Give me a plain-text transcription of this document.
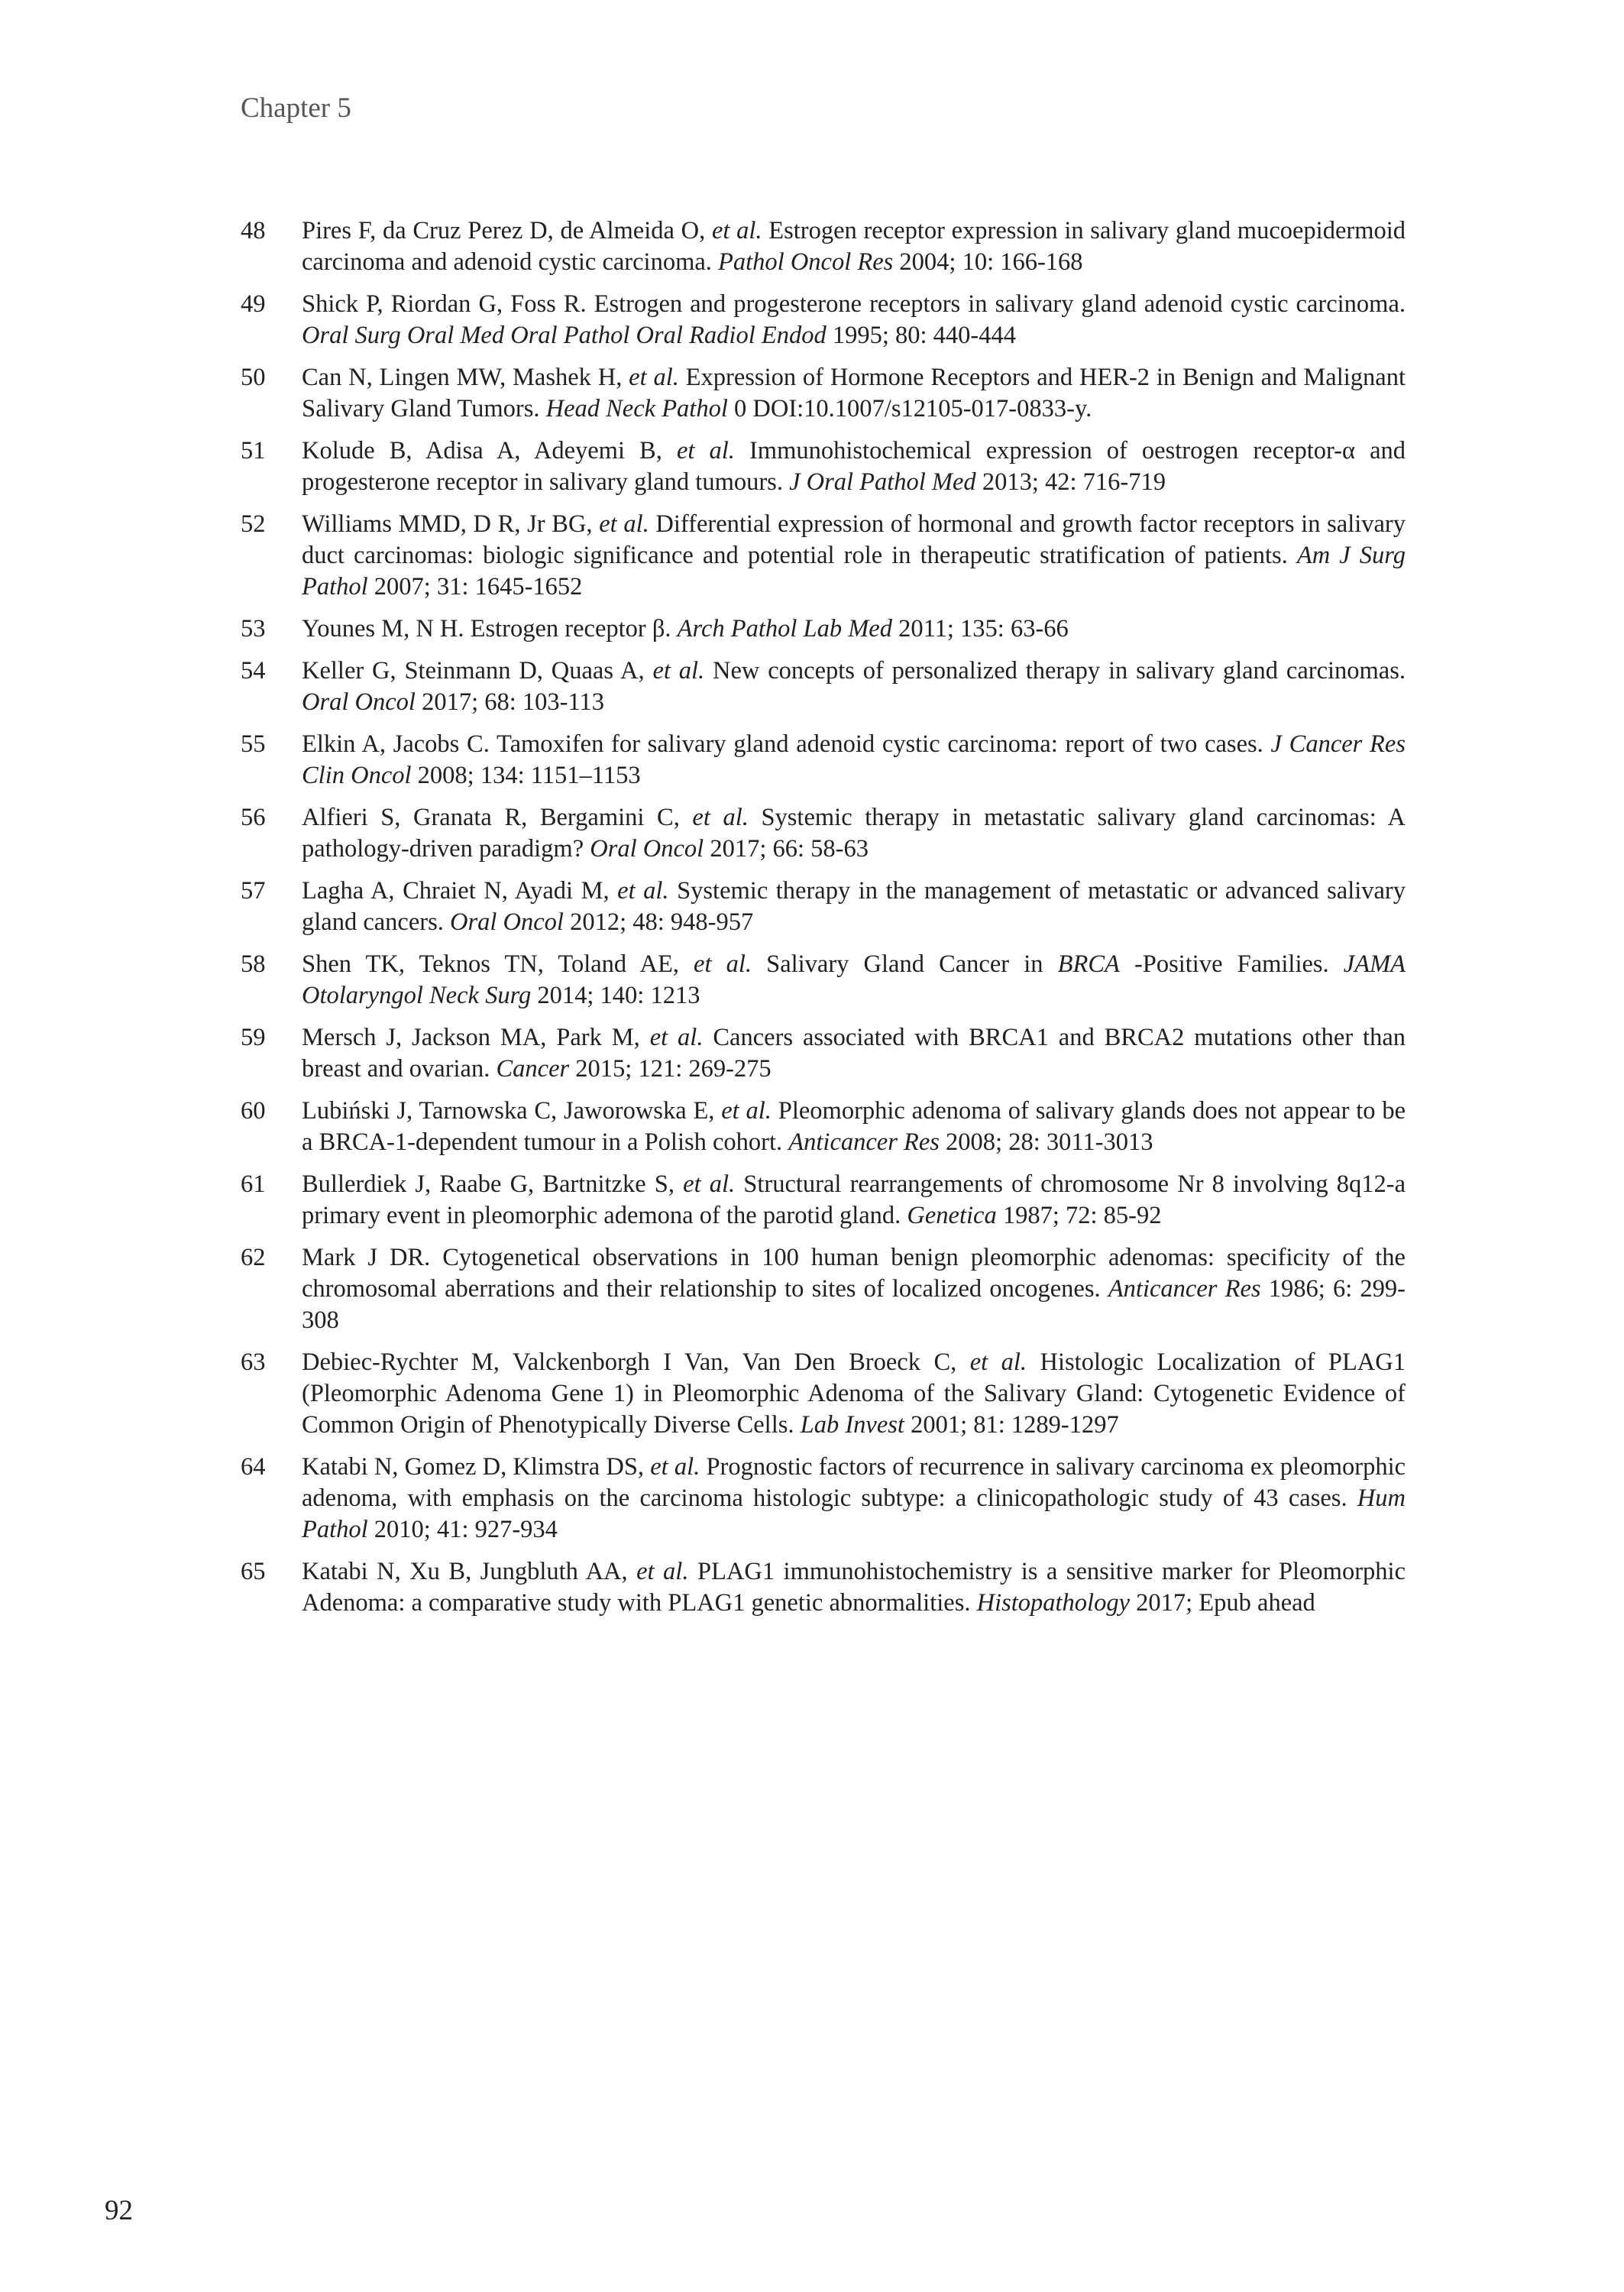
Chapter 5
48	Pires F, da Cruz Perez D, de Almeida O, et al. Estrogen receptor expression in salivary gland mucoepidermoid carcinoma and adenoid cystic carcinoma. Pathol Oncol Res 2004; 10: 166-168
49	Shick P, Riordan G, Foss R. Estrogen and progesterone receptors in salivary gland adenoid cystic carcinoma. Oral Surg Oral Med Oral Pathol Oral Radiol Endod 1995; 80: 440-444
50	Can N, Lingen MW, Mashek H, et al. Expression of Hormone Receptors and HER-2 in Benign and Malignant Salivary Gland Tumors. Head Neck Pathol 0 DOI:10.1007/s12105-017-0833-y.
51	Kolude B, Adisa A, Adeyemi B, et al. Immunohistochemical expression of oestrogen receptor-α and progesterone receptor in salivary gland tumours. J Oral Pathol Med 2013; 42: 716-719
52	Williams MMD, D R, Jr BG, et al. Differential expression of hormonal and growth factor receptors in salivary duct carcinomas: biologic significance and potential role in therapeutic stratification of patients. Am J Surg Pathol 2007; 31: 1645-1652
53	Younes M, N H. Estrogen receptor β. Arch Pathol Lab Med 2011; 135: 63-66
54	Keller G, Steinmann D, Quaas A, et al. New concepts of personalized therapy in salivary gland carcinomas. Oral Oncol 2017; 68: 103-113
55	Elkin A, Jacobs C. Tamoxifen for salivary gland adenoid cystic carcinoma: report of two cases. J Cancer Res Clin Oncol 2008; 134: 1151–1153
56	Alfieri S, Granata R, Bergamini C, et al. Systemic therapy in metastatic salivary gland carcinomas: A pathology-driven paradigm? Oral Oncol 2017; 66: 58-63
57	Lagha A, Chraiet N, Ayadi M, et al. Systemic therapy in the management of metastatic or advanced salivary gland cancers. Oral Oncol 2012; 48: 948-957
58	Shen TK, Teknos TN, Toland AE, et al. Salivary Gland Cancer in BRCA -Positive Families. JAMA Otolaryngol Neck Surg 2014; 140: 1213
59	Mersch J, Jackson MA, Park M, et al. Cancers associated with BRCA1 and BRCA2 mutations other than breast and ovarian. Cancer 2015; 121: 269-275
60	Lubiński J, Tarnowska C, Jaworowska E, et al. Pleomorphic adenoma of salivary glands does not appear to be a BRCA-1-dependent tumour in a Polish cohort. Anticancer Res 2008; 28: 3011-3013
61	Bullerdiek J, Raabe G, Bartnitzke S, et al. Structural rearrangements of chromosome Nr 8 involving 8q12-a primary event in pleomorphic ademona of the parotid gland. Genetica 1987; 72: 85-92
62	Mark J DR. Cytogenetical observations in 100 human benign pleomorphic adenomas: specificity of the chromosomal aberrations and their relationship to sites of localized oncogenes. Anticancer Res 1986; 6: 299-308
63	Debiec-Rychter M, Valckenborgh I Van, Van Den Broeck C, et al. Histologic Localization of PLAG1 (Pleomorphic Adenoma Gene 1) in Pleomorphic Adenoma of the Salivary Gland: Cytogenetic Evidence of Common Origin of Phenotypically Diverse Cells. Lab Invest 2001; 81: 1289-1297
64	Katabi N, Gomez D, Klimstra DS, et al. Prognostic factors of recurrence in salivary carcinoma ex pleomorphic adenoma, with emphasis on the carcinoma histologic subtype: a clinicopathologic study of 43 cases. Hum Pathol 2010; 41: 927-934
65	Katabi N, Xu B, Jungbluth AA, et al. PLAG1 immunohistochemistry is a sensitive marker for Pleomorphic Adenoma: a comparative study with PLAG1 genetic abnormalities. Histopathology 2017; Epub ahead
92
